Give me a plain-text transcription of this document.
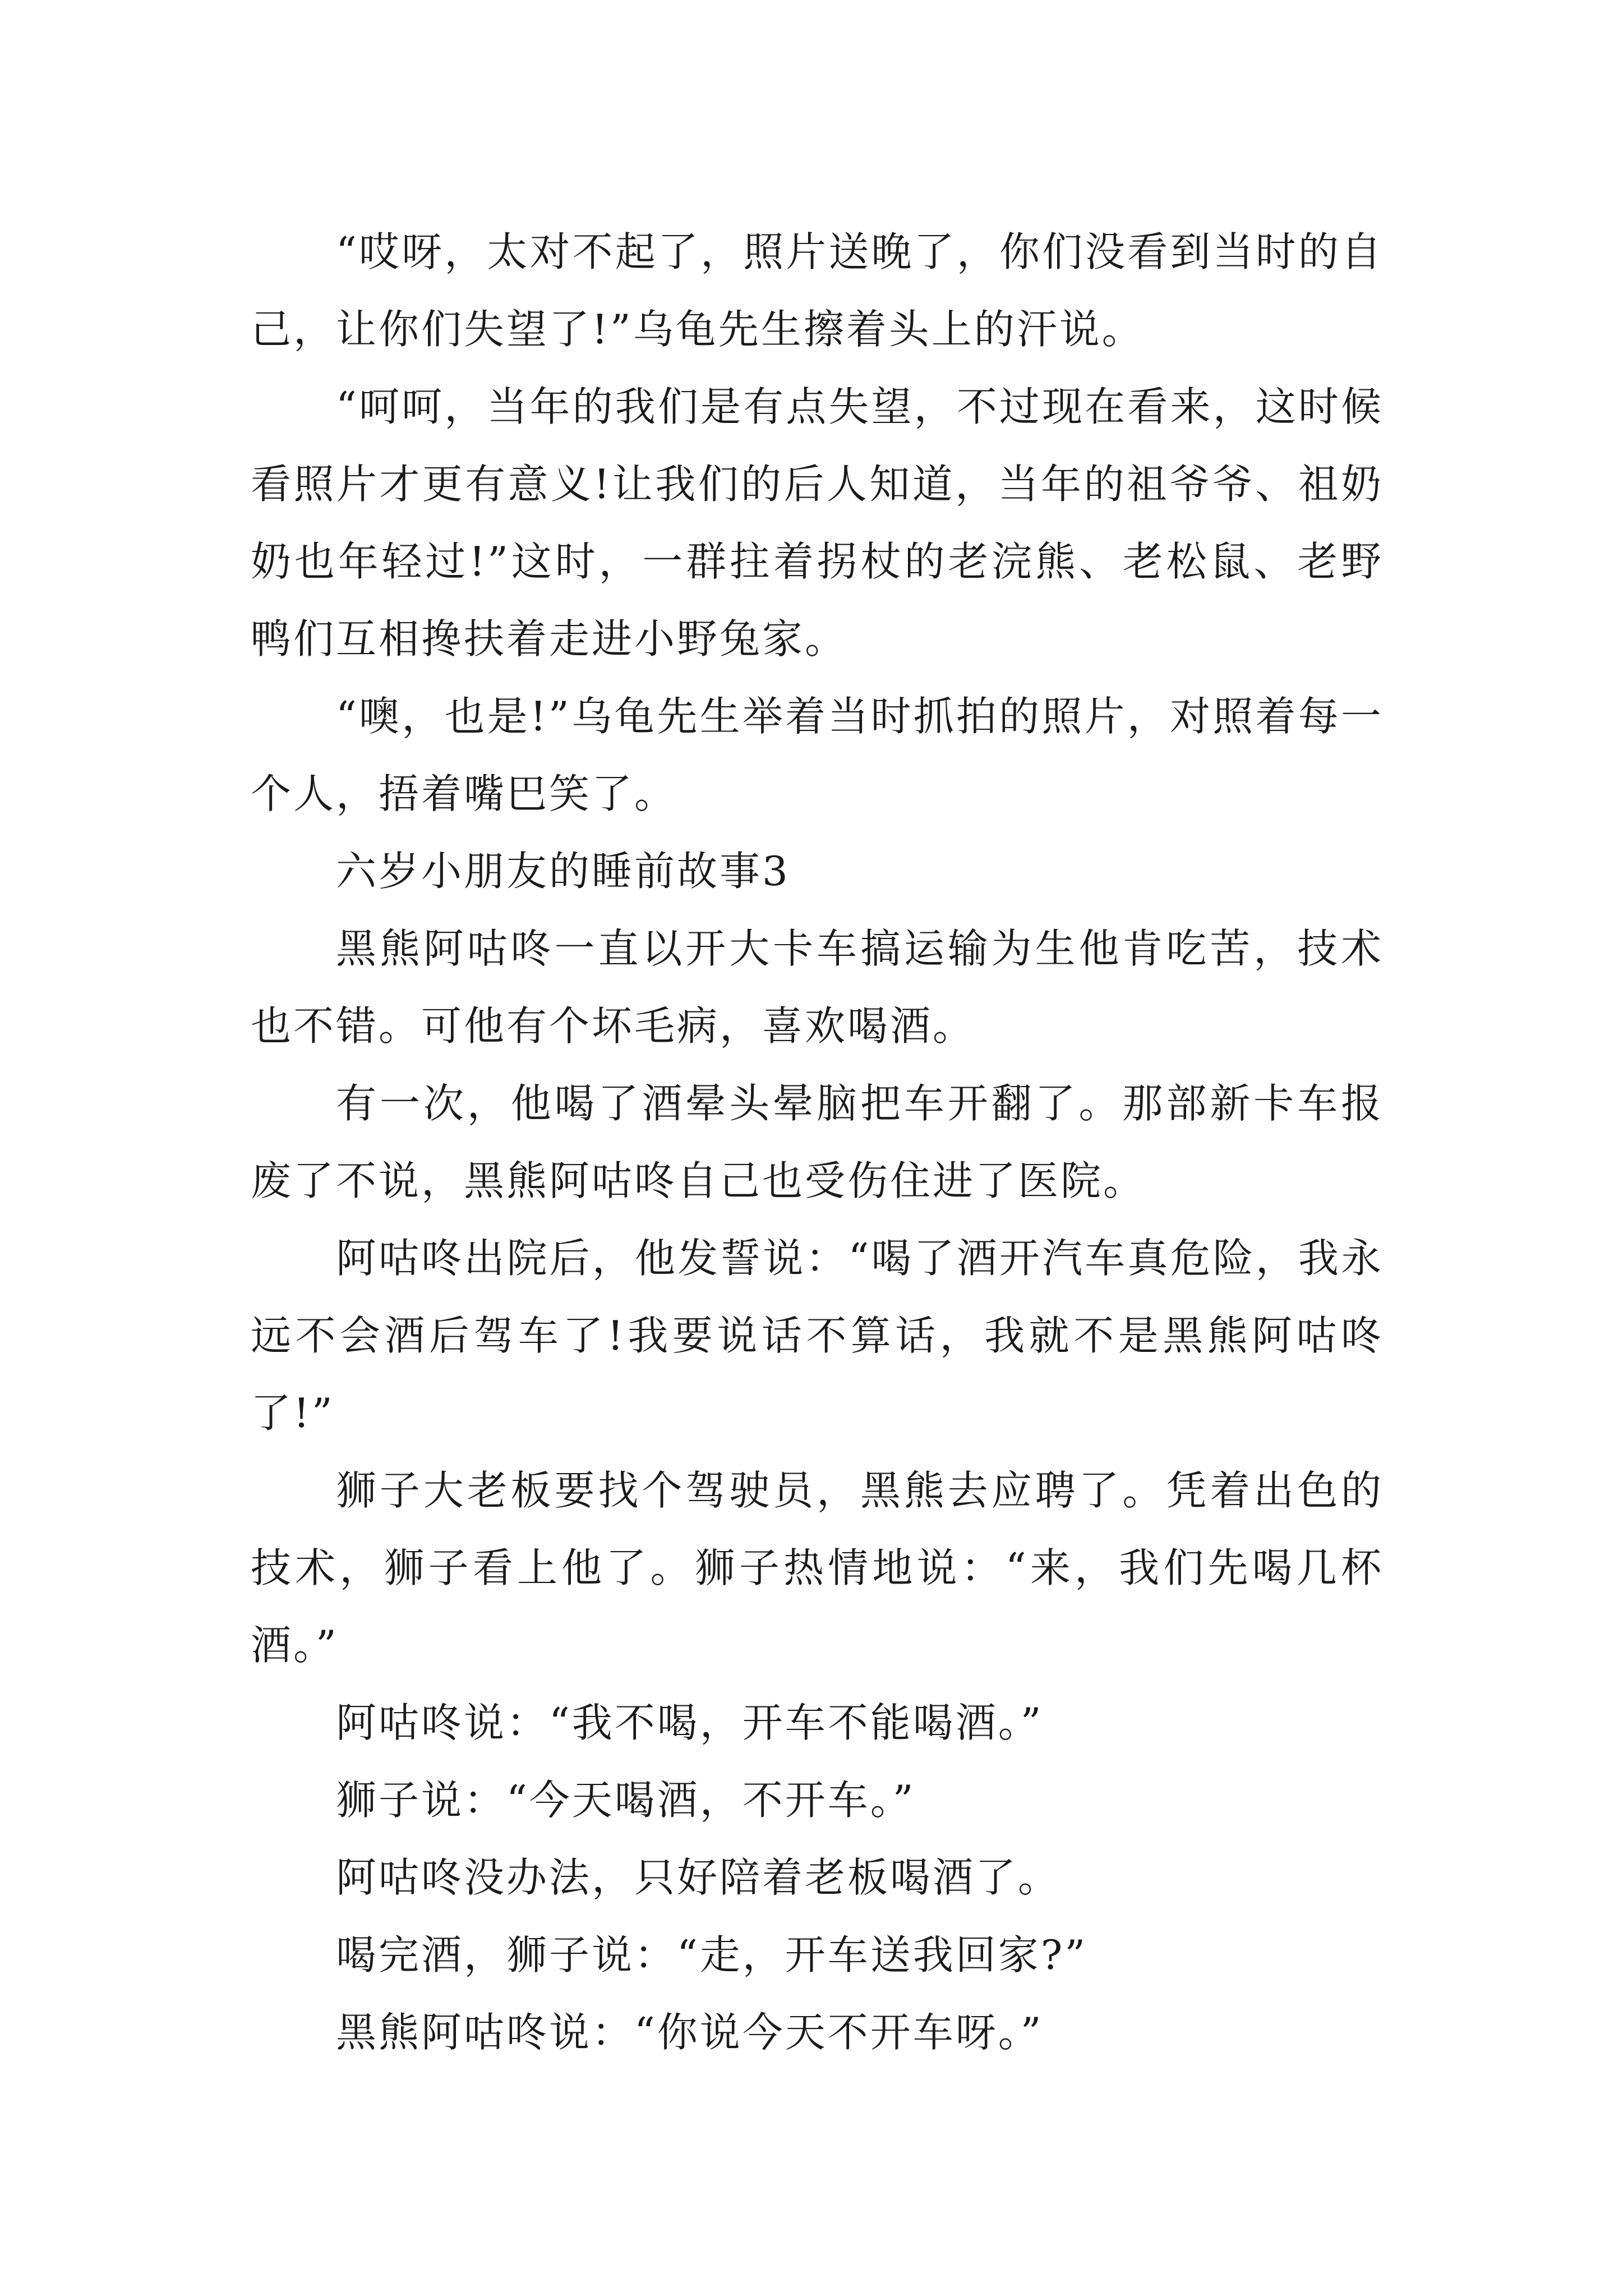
“哎呀，太对不起了，照片送晚了，你们没看到当时的自己，让你们失望了!”乌龟先生擦着头上的汗说。

“呵呵，当年的我们是有点失望，不过现在看来，这时候看照片才更有意义!让我们的后人知道，当年的祖爷爷、祖奶奶也年轻过!”这时，一群拄着拐杖的老浣熊、老松鼠、老野鸭们互相搀扶着走进小野兔家。

“噢，也是!”乌龟先生举着当时抓拍的照片，对照着每一个人，捂着嘴巴笑了。

六岁小朋友的睡前故事3

黑熊阿咕咚一直以开大卡车搞运输为生他肯吃苦，技术也不错。可他有个坏毛病，喜欢喝酒。

有一次，他喝了酒晕头晕脑把车开翻了。那部新卡车报废了不说，黑熊阿咕咚自己也受伤住进了医院。

阿咕咚出院后，他发誓说：“喝了酒开汽车真危险，我永远不会酒后驾车了!我要说话不算话，我就不是黑熊阿咕咚了!”

狮子大老板要找个驾驶员，黑熊去应聘了。凭着出色的技术，狮子看上他了。狮子热情地说：“来，我们先喝几杯酒。”

阿咕咚说：“我不喝，开车不能喝酒。”

狮子说：“今天喝酒，不开车。”

阿咕咚没办法，只好陪着老板喝酒了。

喝完酒，狮子说：“走，开车送我回家?”

黑熊阿咕咚说：“你说今天不开车呀。”
